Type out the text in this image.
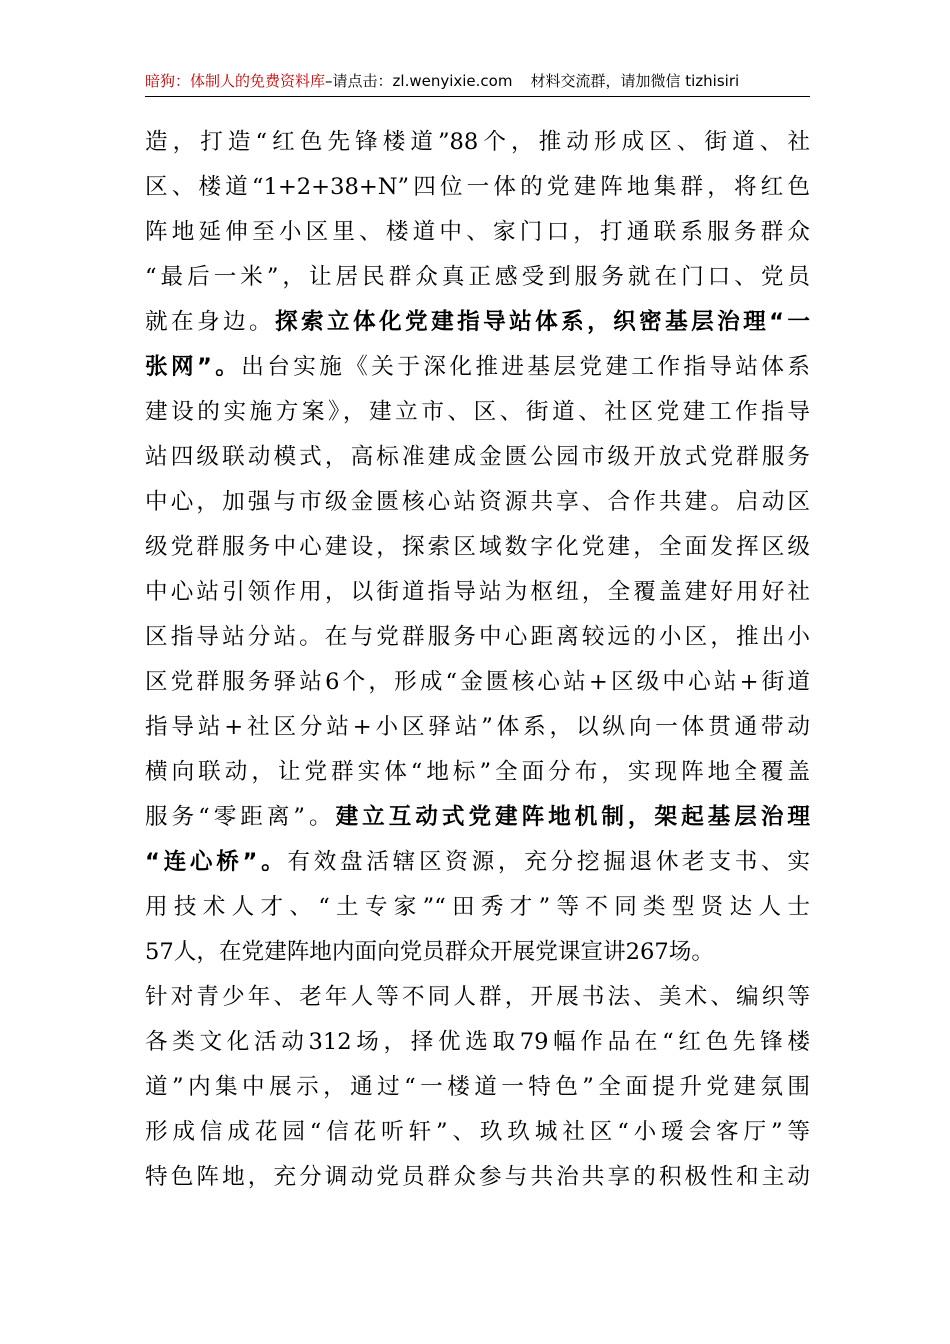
暗狗：体制人的免费资料库–请点击：zl.wenyixie.com 材料交流群，请加微信 tizhisiri
造，打造“红色先锋楼道”88个，推动形成区、街道、社
区、楼道“1+2+38+N”四位一体的党建阵地集群，将红色
阵地延伸至小区里、楼道中、家门口，打通联系服务群众
“最后一米”，让居民群众真正感受到服务就在门口、党员
就在身边。探索立体化党建指导站体系，织密基层治理“一
张网”。出台实施《关于深化推进基层党建工作指导站体系
建设的实施方案》，建立市、区、街道、社区党建工作指导
站四级联动模式，高标准建成金匮公园市级开放式党群服务
中心，加强与市级金匮核心站资源共享、合作共建。启动区
级党群服务中心建设，探索区域数字化党建，全面发挥区级
中心站引领作用，以街道指导站为枢纽，全覆盖建好用好社
区指导站分站。在与党群服务中心距离较远的小区，推出小
区党群服务驿站6个，形成“金匮核心站+区级中心站+街道
指导站+社区分站+小区驿站”体系，以纵向一体贯通带动
横向联动，让党群实体“地标”全面分布，实现阵地全覆盖
服务“零距离”。建立互动式党建阵地机制，架起基层治理
“连心桥”。有效盘活辖区资源，充分挖掘退休老支书、实
用技术人才、“土专家”“田秀才”等不同类型贤达人士
57人，在党建阵地内面向党员群众开展党课宣讲267场。
针对青少年、老年人等不同人群，开展书法、美术、编织等
各类文化活动312场，择优选取79幅作品在“红色先锋楼
道”内集中展示，通过“一楼道一特色”全面提升党建氛围
形成信成花园“信花听轩”、玖玖城社区“小瑷会客厅”等
特色阵地，充分调动党员群众参与共治共享的积极性和主动
